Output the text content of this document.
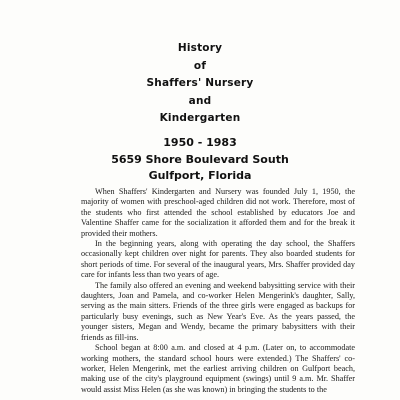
History
of
Shaffers' Nursery
and
Kindergarten
1950 - 1983
5659 Shore Boulevard South
Gulfport, Florida

When Shaffers' Kindergarten and Nursery was founded July 1, 1950, the majority of women with preschool-aged children did not work. Therefore, most of the students who first attended the school established by educators Joe and Valentine Shaffer came for the socialization it afforded them and for the break it provided their mothers.

In the beginning years, along with operating the day school, the Shaffers occasionally kept children over night for parents. They also boarded students for short periods of time. For several of the inaugural years, Mrs. Shaffer provided day care for infants less than two years of age.

The family also offered an evening and weekend babysitting service with their daughters, Joan and Pamela, and co-worker Helen Mengerink's daughter, Sally, serving as the main sitters. Friends of the three girls were engaged as backups for particularly busy evenings, such as New Year's Eve. As the years passed, the younger sisters, Megan and Wendy, became the primary babysitters with their friends as fill-ins.

School began at 8:00 a.m. and closed at 4 p.m. (Later on, to accommodate working mothers, the standard school hours were extended.) The Shaffers' co-worker, Helen Mengerink, met the earliest arriving children on Gulfport beach, making use of the city's playground equipment (swings) until 9 a.m. Mr. Shaffer would assist Miss Helen (as she was known) in bringing the students to the
